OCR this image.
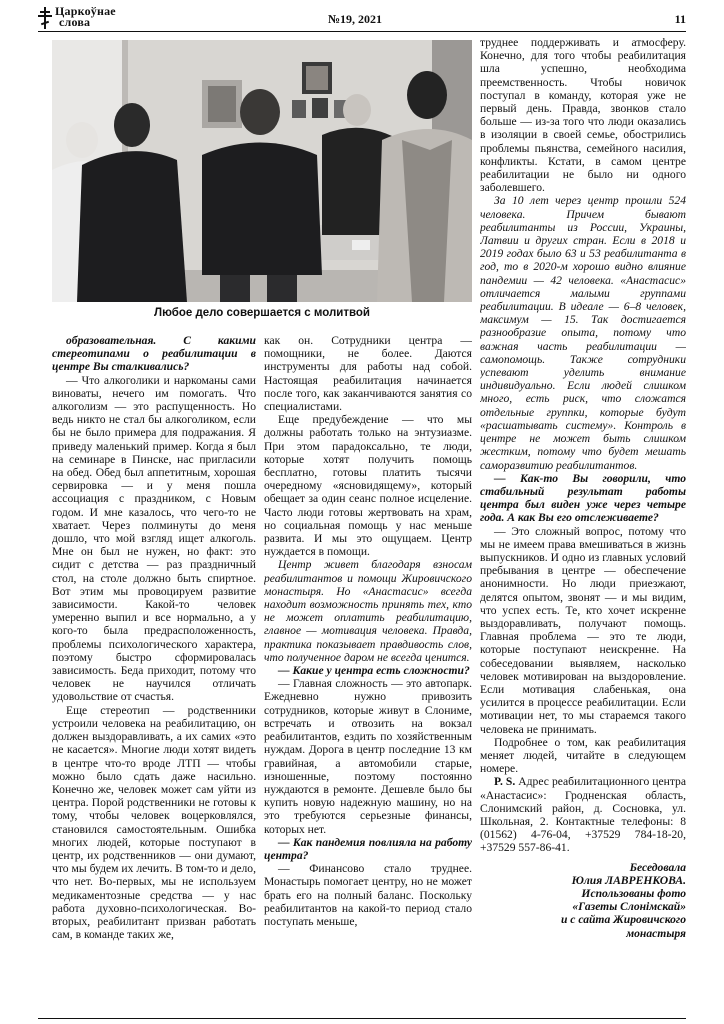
Царкоўнае
слова	№19, 2021	11
Любое дело совершается с молитвой

образовательная. С какими стереотипами о реабилитации в центре Вы сталкивались?

— Что алкоголики и наркоманы сами виноваты, нечего им помогать. Что алкоголизм — это распущенность. Но ведь никто не стал бы алкоголиком, если бы не было примера для подражания. Я приведу маленький пример. Когда я был на семинаре в Пинске, нас пригласили на обед. Обед был аппетитным, хорошая сервировка — и у меня пошла ассоциация с праздником, с Новым годом. И мне казалось, что чего-то не хватает. Через полминуты до меня дошло, что мой взгляд ищет алкоголь. Мне он был не нужен, но факт: это сидит с детства — раз праздничный стол, на столе должно быть спиртное. Вот этим мы провоцируем развитие зависимости. Какой-то человек умеренно выпил и все нормально, а у кого-то была предрасположенность, проблемы психологического характера, поэтому быстро сформировалась зависимость. Беда приходит, потому что человек не научился отличать удовольствие от счастья.

Еще стереотип — родственники устроили человека на реабилитацию, он должен выздоравливать, а их самих «это не касается». Многие люди хотят видеть в центре что-то вроде ЛТП — чтобы можно было сдать даже насильно. Конечно же, человек может сам уйти из центра. Порой родственники не готовы к тому, чтобы человек воцерковлялся, становился самостоятельным. Ошибка многих людей, которые поступают в центр, их родственников — они думают, что мы будем их лечить. В том-то и дело, что нет. Во-первых, мы не используем медикаментозные средства — у нас работа духовно-психологическая. Во-вторых, реабилитант призван работать сам, в команде таких же,

как он. Сотрудники центра — помощники, не более. Даются инструменты для работы над собой. Настоящая реабилитация начинается после того, как заканчиваются занятия со специалистами.

Еще предубеждение — что мы должны работать только на энтузиазме. При этом парадоксально, те люди, которые хотят получить помощь бесплатно, готовы платить тысячи очередному «ясновидящему», который обещает за один сеанс полное исцеление. Часто люди готовы жертвовать на храм, но социальная помощь у нас меньше развита. И мы это ощущаем. Центр нуждается в помощи.

Центр живет благодаря взносам реабилитантов и помощи Жировичского монастыря. Но «Анастасис» всегда находит возможность принять тех, кто не может оплатить реабилитацию, главное — мотивация человека. Правда, практика показывает правдивость слов, что полученное даром не всегда ценится.

— Какие у центра есть сложности?

— Главная сложность — это автопарк. Ежедневно нужно привозить сотрудников, которые живут в Слониме, встречать и отвозить на вокзал реабилитантов, ездить по хозяйственным нуждам. Дорога в центр последние 13 км гравийная, а автомобили старые, изношенные, поэтому постоянно нуждаются в ремонте. Дешевле было бы купить новую надежную машину, но на это требуются серьезные финансы, которых нет.

— Как пандемия повлияла на работу центра?

— Финансово стало труднее. Монастырь помогает центру, но не может брать его на полный баланс. Поскольку реабилитантов на какой-то период стало поступать меньше,

труднее поддерживать и атмосферу. Конечно, для того чтобы реабилитация шла успешно, необходима преемственность. Чтобы новичок поступал в команду, которая уже не первый день. Правда, звонков стало больше — из-за того что люди оказались в изоляции в своей семье, обострились проблемы пьянства, семейного насилия, конфликты. Кстати, в самом центре реабилитации не было ни одного заболевшего.

За 10 лет через центр прошли 524 человека. Причем бывают реабилитанты из России, Украины, Латвии и других стран. Если в 2018 и 2019 годах было 63 и 53 реабилитанта в год, то в 2020-м хорошо видно влияние пандемии — 42 человека. «Анастасис» отличается малыми группами реабилитации. В идеале — 6–8 человек, максимум — 15. Так достигается разнообразие опыта, потому что важная часть реабилитации — самопомощь. Также сотрудники успевают уделить внимание индивидуально. Если людей слишком много, есть риск, что сложатся отдельные группки, которые будут «расшатывать систему». Контроль в центре не может быть слишком жестким, потому что будет мешать саморазвитию реабилитантов.

— Как-то Вы говорили, что стабильный результат работы центра был виден уже через четыре года. А как Вы его отслеживаете?

— Это сложный вопрос, потому что мы не имеем права вмешиваться в жизнь выпускников. И одно из главных условий пребывания в центре — обеспечение анонимности. Но люди приезжают, делятся опытом, звонят — и мы видим, что успех есть. Те, кто хочет искренне выздоравливать, получают помощь. Главная проблема — это те люди, которые поступают неискренне. На собеседовании выявляем, насколько человек мотивирован на выздоровление. Если мотивация слабенькая, она усилится в процессе реабилитации. Если мотивации нет, то мы стараемся такого человека не принимать.

Подробнее о том, как реабилитация меняет людей, читайте в следующем номере.

P. S. Адрес реабилитационного центра «Анастасис»: Гродненская область, Слонимский район, д. Сосновка, ул. Школьная, 2. Контактные телефоны: 8 (01562) 4-76-04, +37529 784-18-20, +37529 557-86-41.

Беседовала

Юлия ЛАВРЕНКОВА.

Использованы фото

«Газеты Слонімскай»

и с сайта Жировичского

монастыря
